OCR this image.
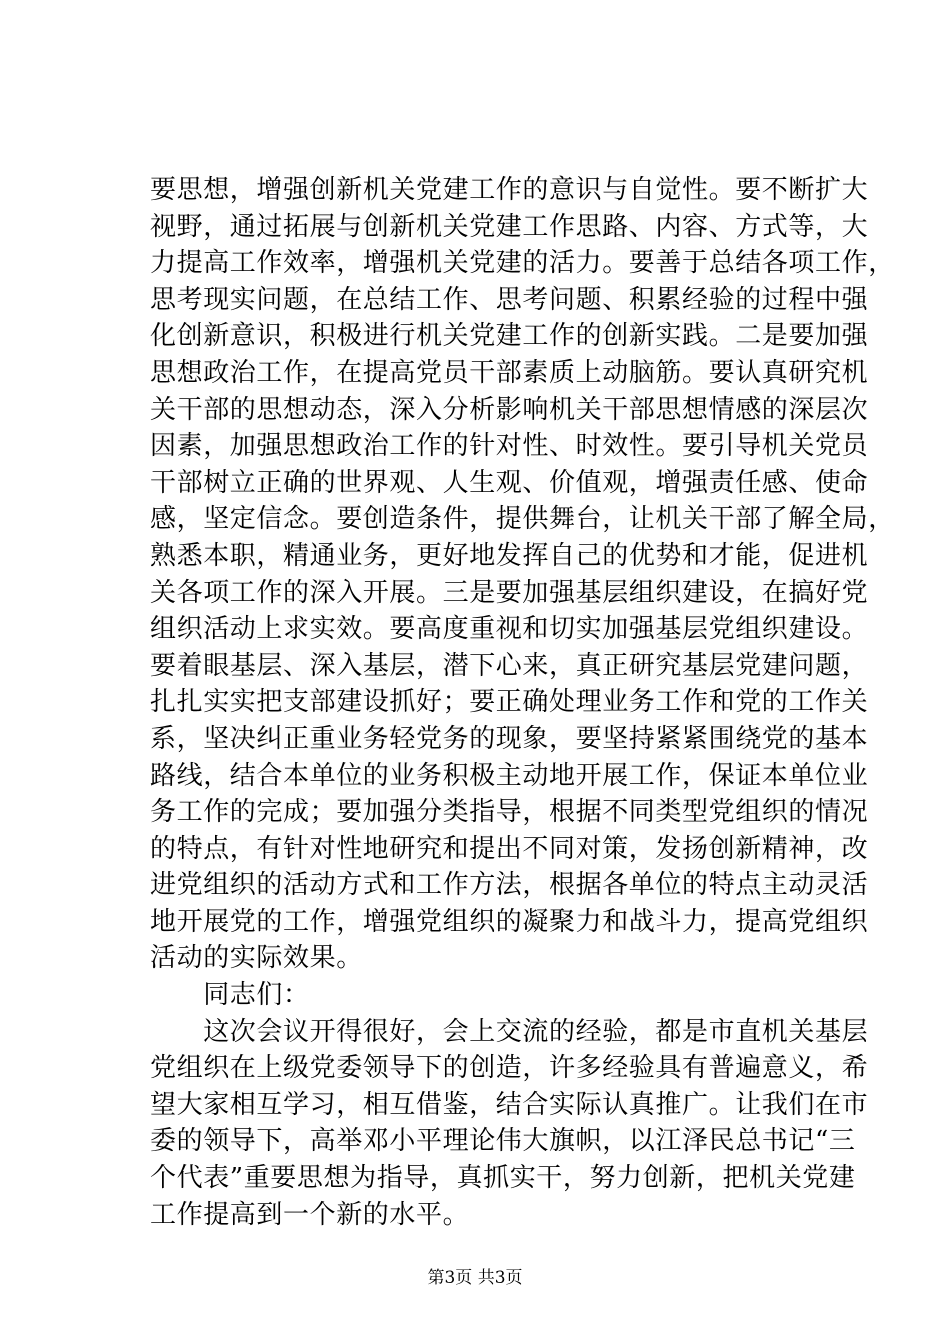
要思想，增强创新机关党建工作的意识与自觉性。要不断扩大
视野，通过拓展与创新机关党建工作思路、内容、方式等，大
力提高工作效率，增强机关党建的活力。要善于总结各项工作，
思考现实问题，在总结工作、思考问题、积累经验的过程中强
化创新意识，积极进行机关党建工作的创新实践。二是要加强
思想政治工作，在提高党员干部素质上动脑筋。要认真研究机
关干部的思想动态，深入分析影响机关干部思想情感的深层次
因素，加强思想政治工作的针对性、时效性。要引导机关党员
干部树立正确的世界观、人生观、价值观，增强责任感、使命
感，坚定信念。要创造条件，提供舞台，让机关干部了解全局，
熟悉本职，精通业务，更好地发挥自己的优势和才能，促进机
关各项工作的深入开展。三是要加强基层组织建设，在搞好党
组织活动上求实效。要高度重视和切实加强基层党组织建设。
要着眼基层、深入基层，潜下心来，真正研究基层党建问题，
扎扎实实把支部建设抓好；要正确处理业务工作和党的工作关
系，坚决纠正重业务轻党务的现象，要坚持紧紧围绕党的基本
路线，结合本单位的业务积极主动地开展工作，保证本单位业
务工作的完成；要加强分类指导，根据不同类型党组织的情况
的特点，有针对性地研究和提出不同对策，发扬创新精神，改
进党组织的活动方式和工作方法，根据各单位的特点主动灵活
地开展党的工作，增强党组织的凝聚力和战斗力，提高党组织
活动的实际效果。
　　同志们：
　　这次会议开得很好，会上交流的经验，都是市直机关基层
党组织在上级党委领导下的创造，许多经验具有普遍意义，希
望大家相互学习，相互借鉴，结合实际认真推广。让我们在市
委的领导下，高举邓小平理论伟大旗帜，以江泽民总书记“三
个代表”重要思想为指导，真抓实干，努力创新，把机关党建
工作提高到一个新的水平。
第3页 共3页
